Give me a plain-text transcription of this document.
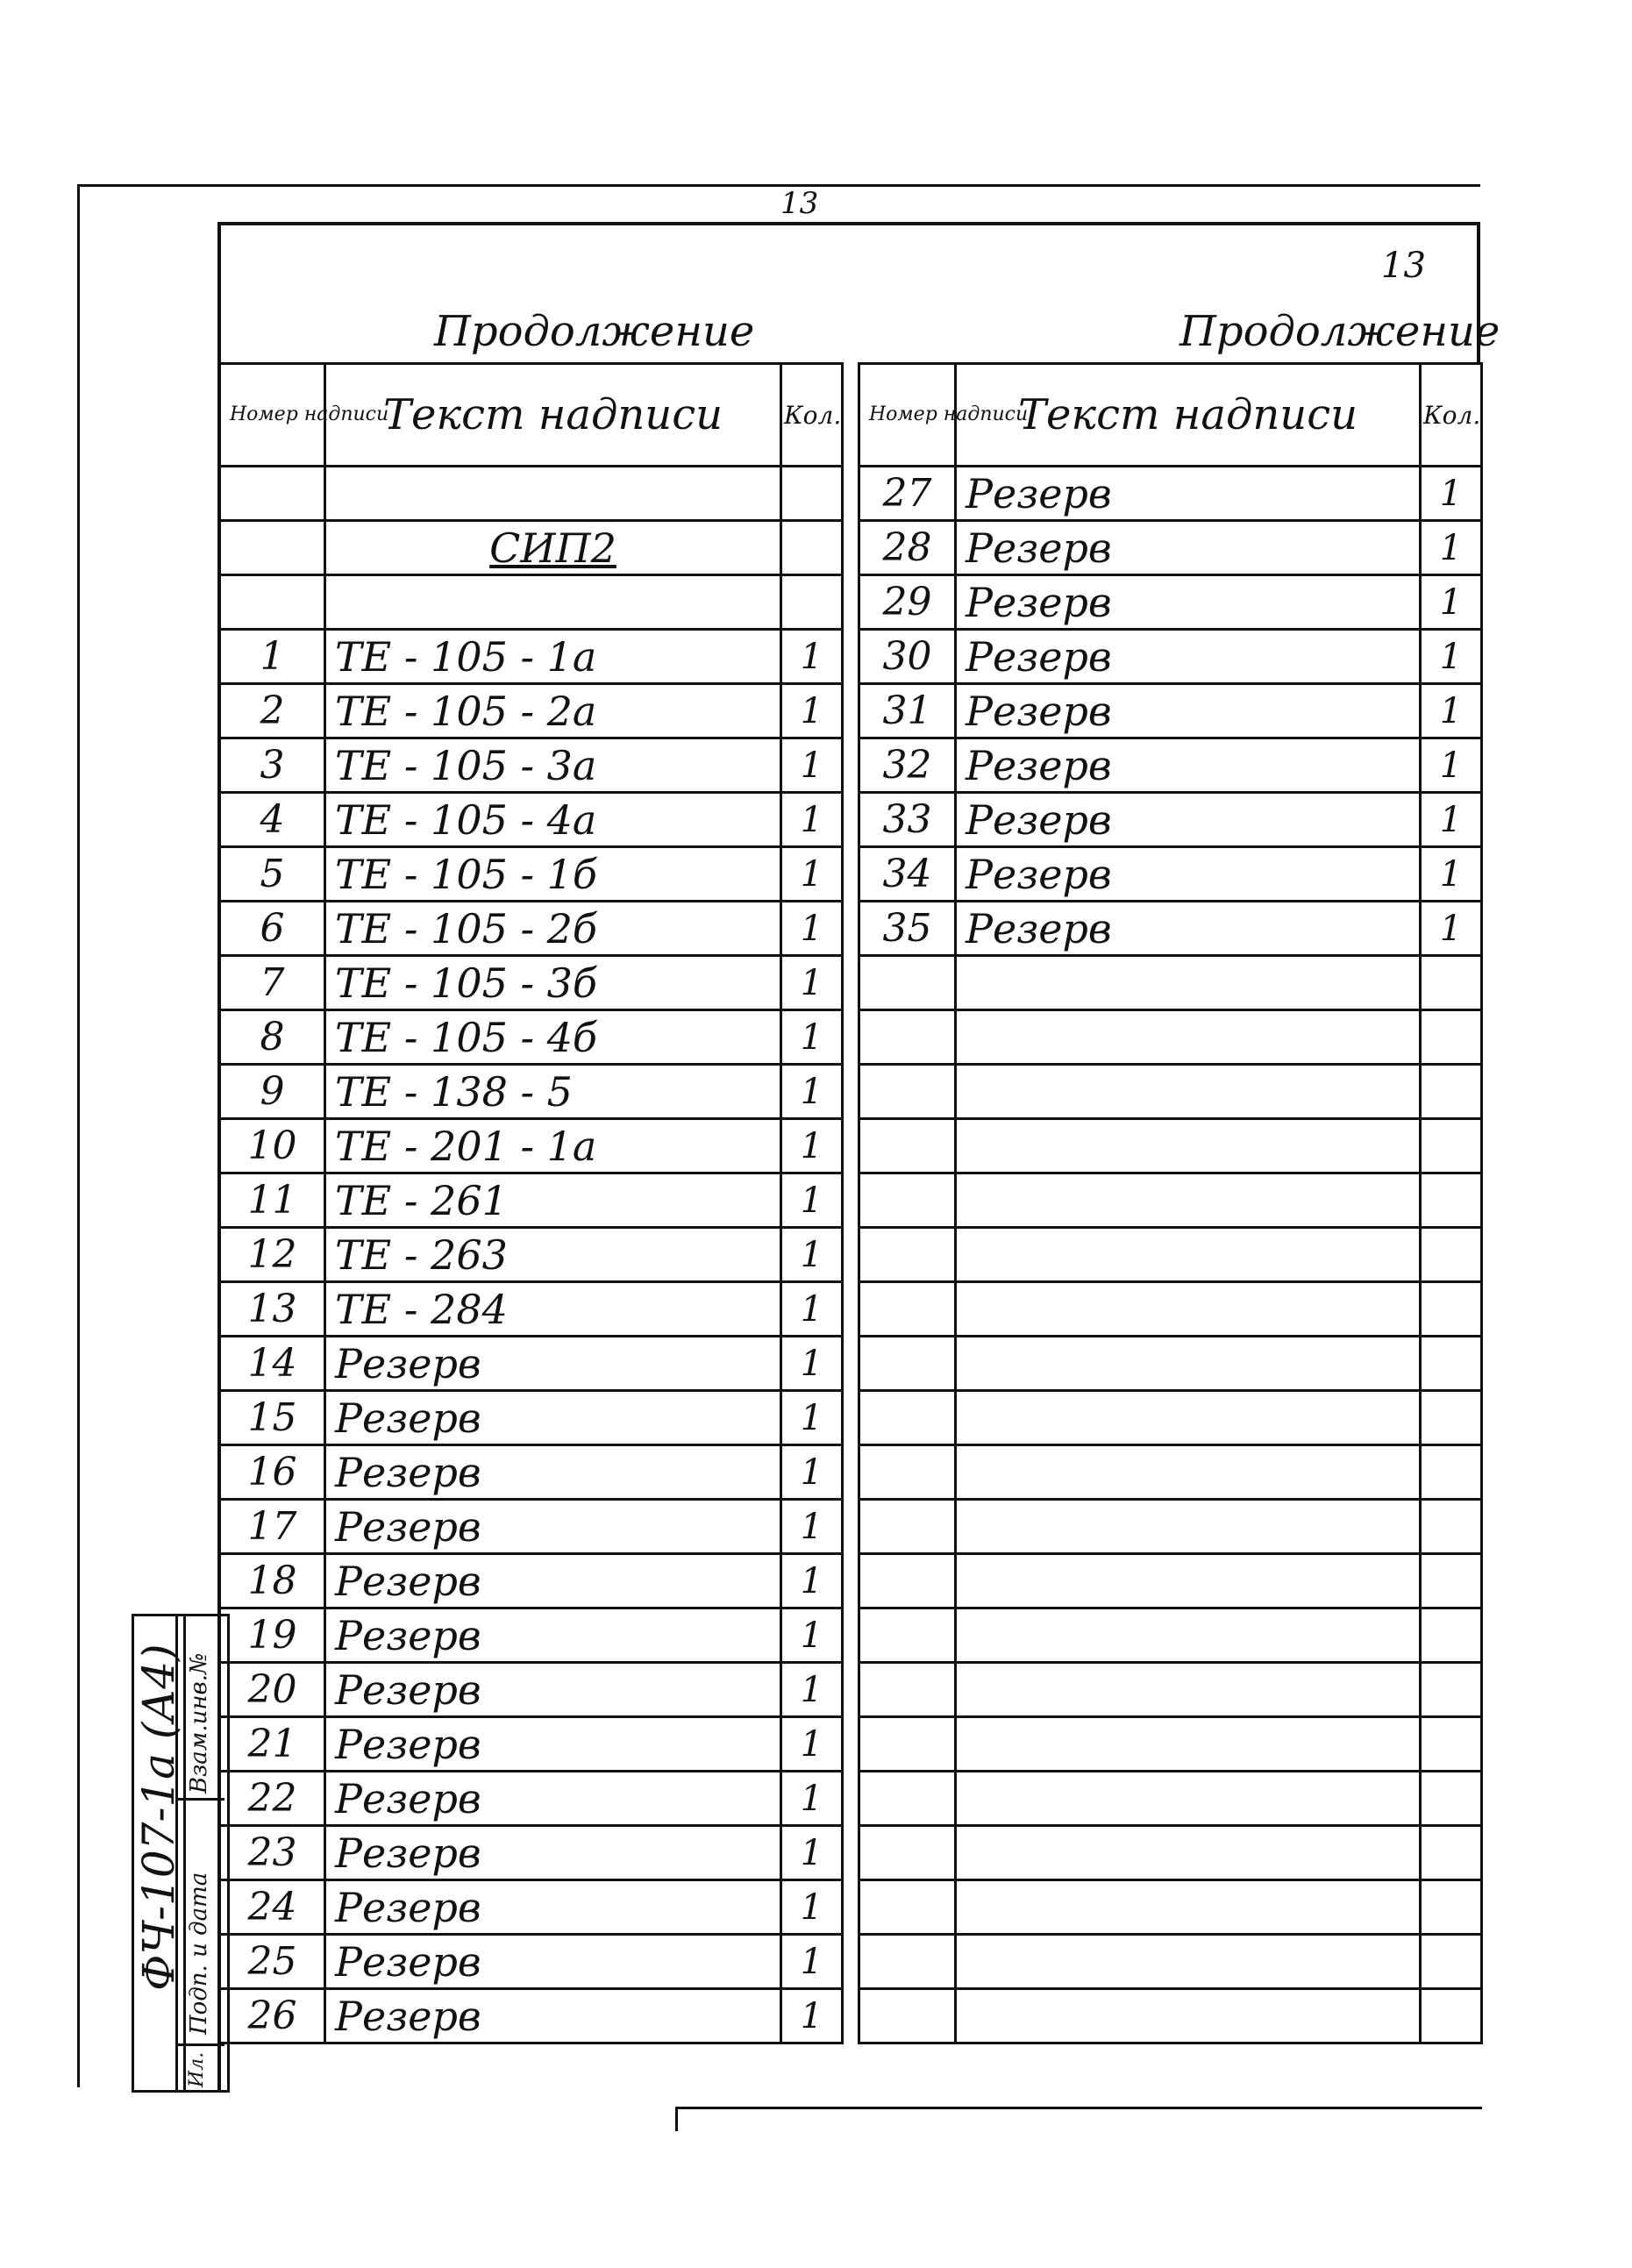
13
13
Продолжение	Продолжение
Номер надписи	Текст надписи	Кол.

	СИП2	

1	ТЕ - 105 - 1а	1
2	ТЕ - 105 - 2а	1
3	ТЕ - 105 - 3а	1
4	ТЕ - 105 - 4а	1
5	ТЕ - 105 - 1б	1
6	ТЕ - 105 - 2б	1
7	ТЕ - 105 - 3б	1
8	ТЕ - 105 - 4б	1
9	ТЕ - 138 - 5	1
10	ТЕ - 201 - 1а	1
11	ТЕ - 261	1
12	ТЕ - 263	1
13	ТЕ - 284	1
14	Резерв	1
15	Резерв	1
16	Резерв	1
17	Резерв	1
18	Резерв	1
19	Резерв	1
20	Резерв	1
21	Резерв	1
22	Резерв	1
23	Резерв	1
24	Резерв	1
25	Резерв	1
26	Резерв	1
Номер надписи	Текст надписи	Кол.

27	Резерв	1
28	Резерв	1
29	Резерв	1
30	Резерв	1
31	Резерв	1
32	Резерв	1
33	Резерв	1
34	Резерв	1
35	Резерв	1

ФЧ-107-1а (А4) Взам.инв.№
Подп. и дата
Ил.
